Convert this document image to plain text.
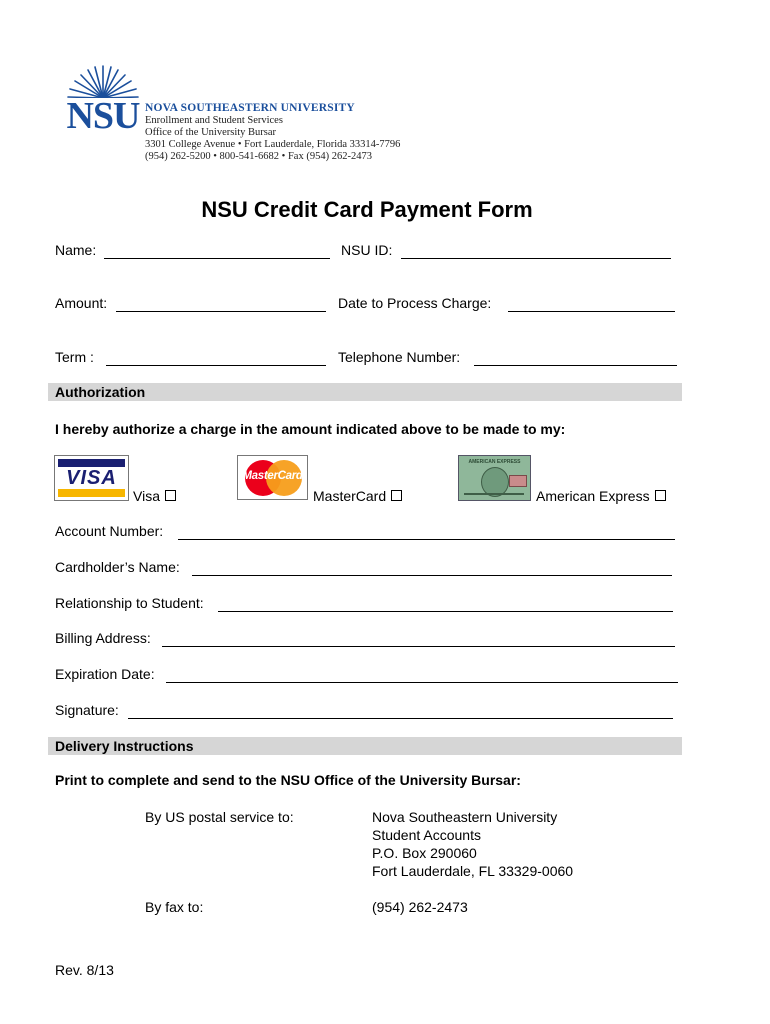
NSU NOVA SOUTHEASTERN UNIVERSITY
Enrollment and Student Services
Office of the University Bursar
3301 College Avenue • Fort Lauderdale, Florida 33314-7796
(954) 262-5200 • 800-541-6682 • Fax (954) 262-2473
NSU Credit Card Payment Form
Name:	NSU ID:
Amount:	Date to Process Charge:
Term :	Telephone Number:
Authorization
I hereby authorize a charge in the amount indicated above to be made to my:
VISA
Visa
MasterCard
MasterCard
AMERICAN EXPRESS
American Express
Account Number:
Cardholder’s Name:
Relationship to Student:
Billing Address:
Expiration Date:
Signature:
Delivery Instructions
Print to complete and send to the NSU Office of the University Bursar:
By US postal service to:	Nova Southeastern University
Student Accounts
P.O. Box 290060
Fort Lauderdale, FL 33329-0060
By fax to:	(954) 262-2473
Rev. 8/13
